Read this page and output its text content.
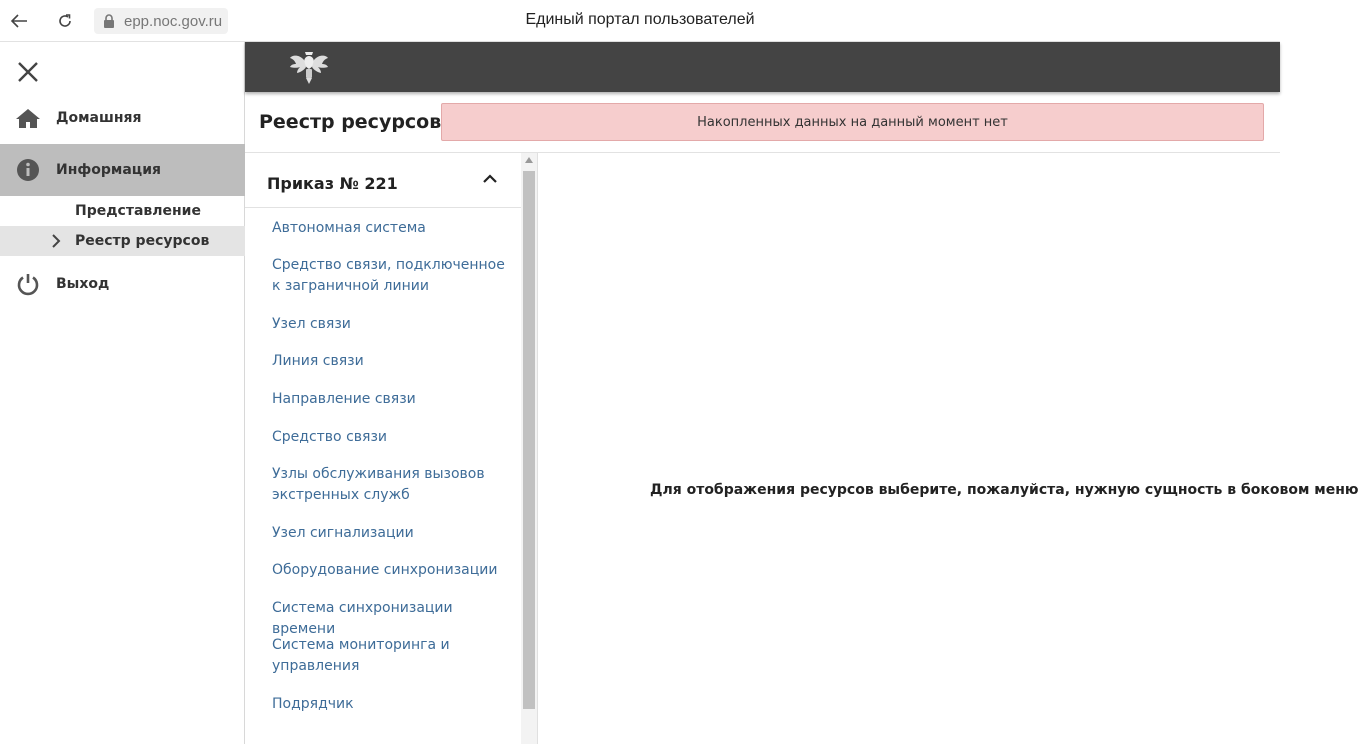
epp.noc.gov.ru	Единый портал пользователей
Домашняя
Информация
Представление
Реестр ресурсов
Выход
Реестр ресурсов	Накопленных данных на данный момент нет
Приказ № 221
Автономная система
Средство связи, подключенное к заграничной линии
Узел связи
Линия связи
Направление связи
Средство связи
Узлы обслуживания вызовов экстренных служб
Узел сигнализации
Оборудование синхронизации
Система синхронизации времени
Система мониторинга и управления
Подрядчик
Для отображения ресурсов выберите, пожалуйста, нужную сущность в боковом меню
